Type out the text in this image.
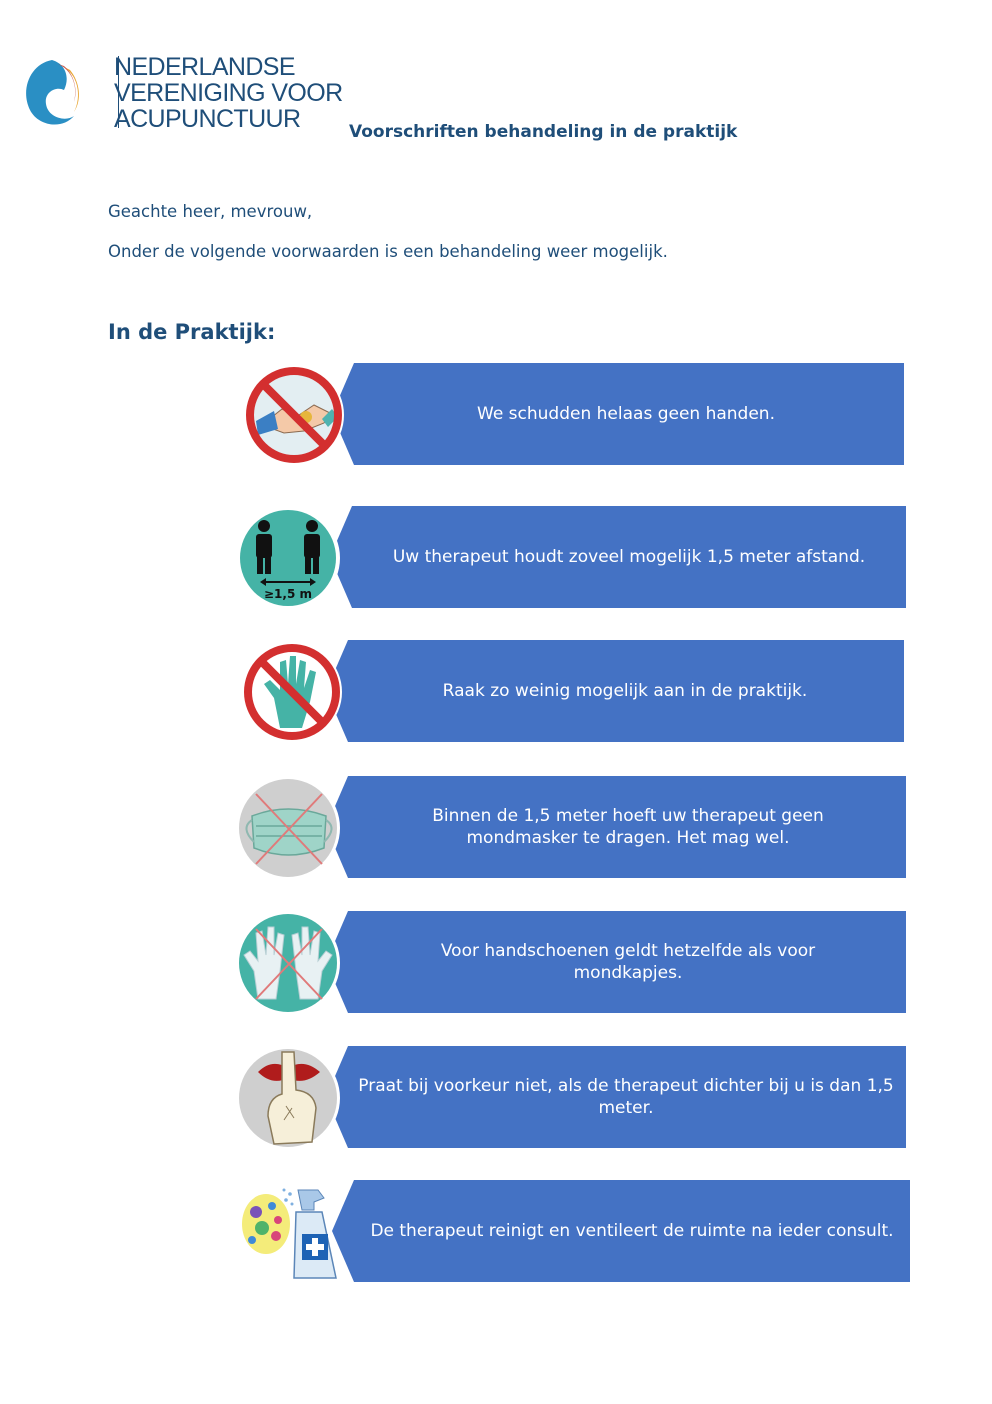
NEDERLANDSE
VERENIGING VOOR
ACUPUNCTUUR	Voorschriften behandeling in de praktijk
Geachte heer, mevrouw,
Onder de volgende voorwaarden is een behandeling weer mogelijk.
In de Praktijk:
We schudden helaas geen handen.
Uw therapeut houdt zoveel mogelijk 1,5 meter afstand.
≥1,5 m
Raak zo weinig mogelijk aan in de praktijk.
Binnen de 1,5 meter hoeft uw therapeut geen mondmasker te dragen. Het mag wel.
Voor handschoenen geldt hetzelfde als voor mondkapjes.
Praat bij voorkeur niet, als de therapeut dichter bij u is dan 1,5 meter.
De therapeut reinigt en ventileert de ruimte na ieder consult.
